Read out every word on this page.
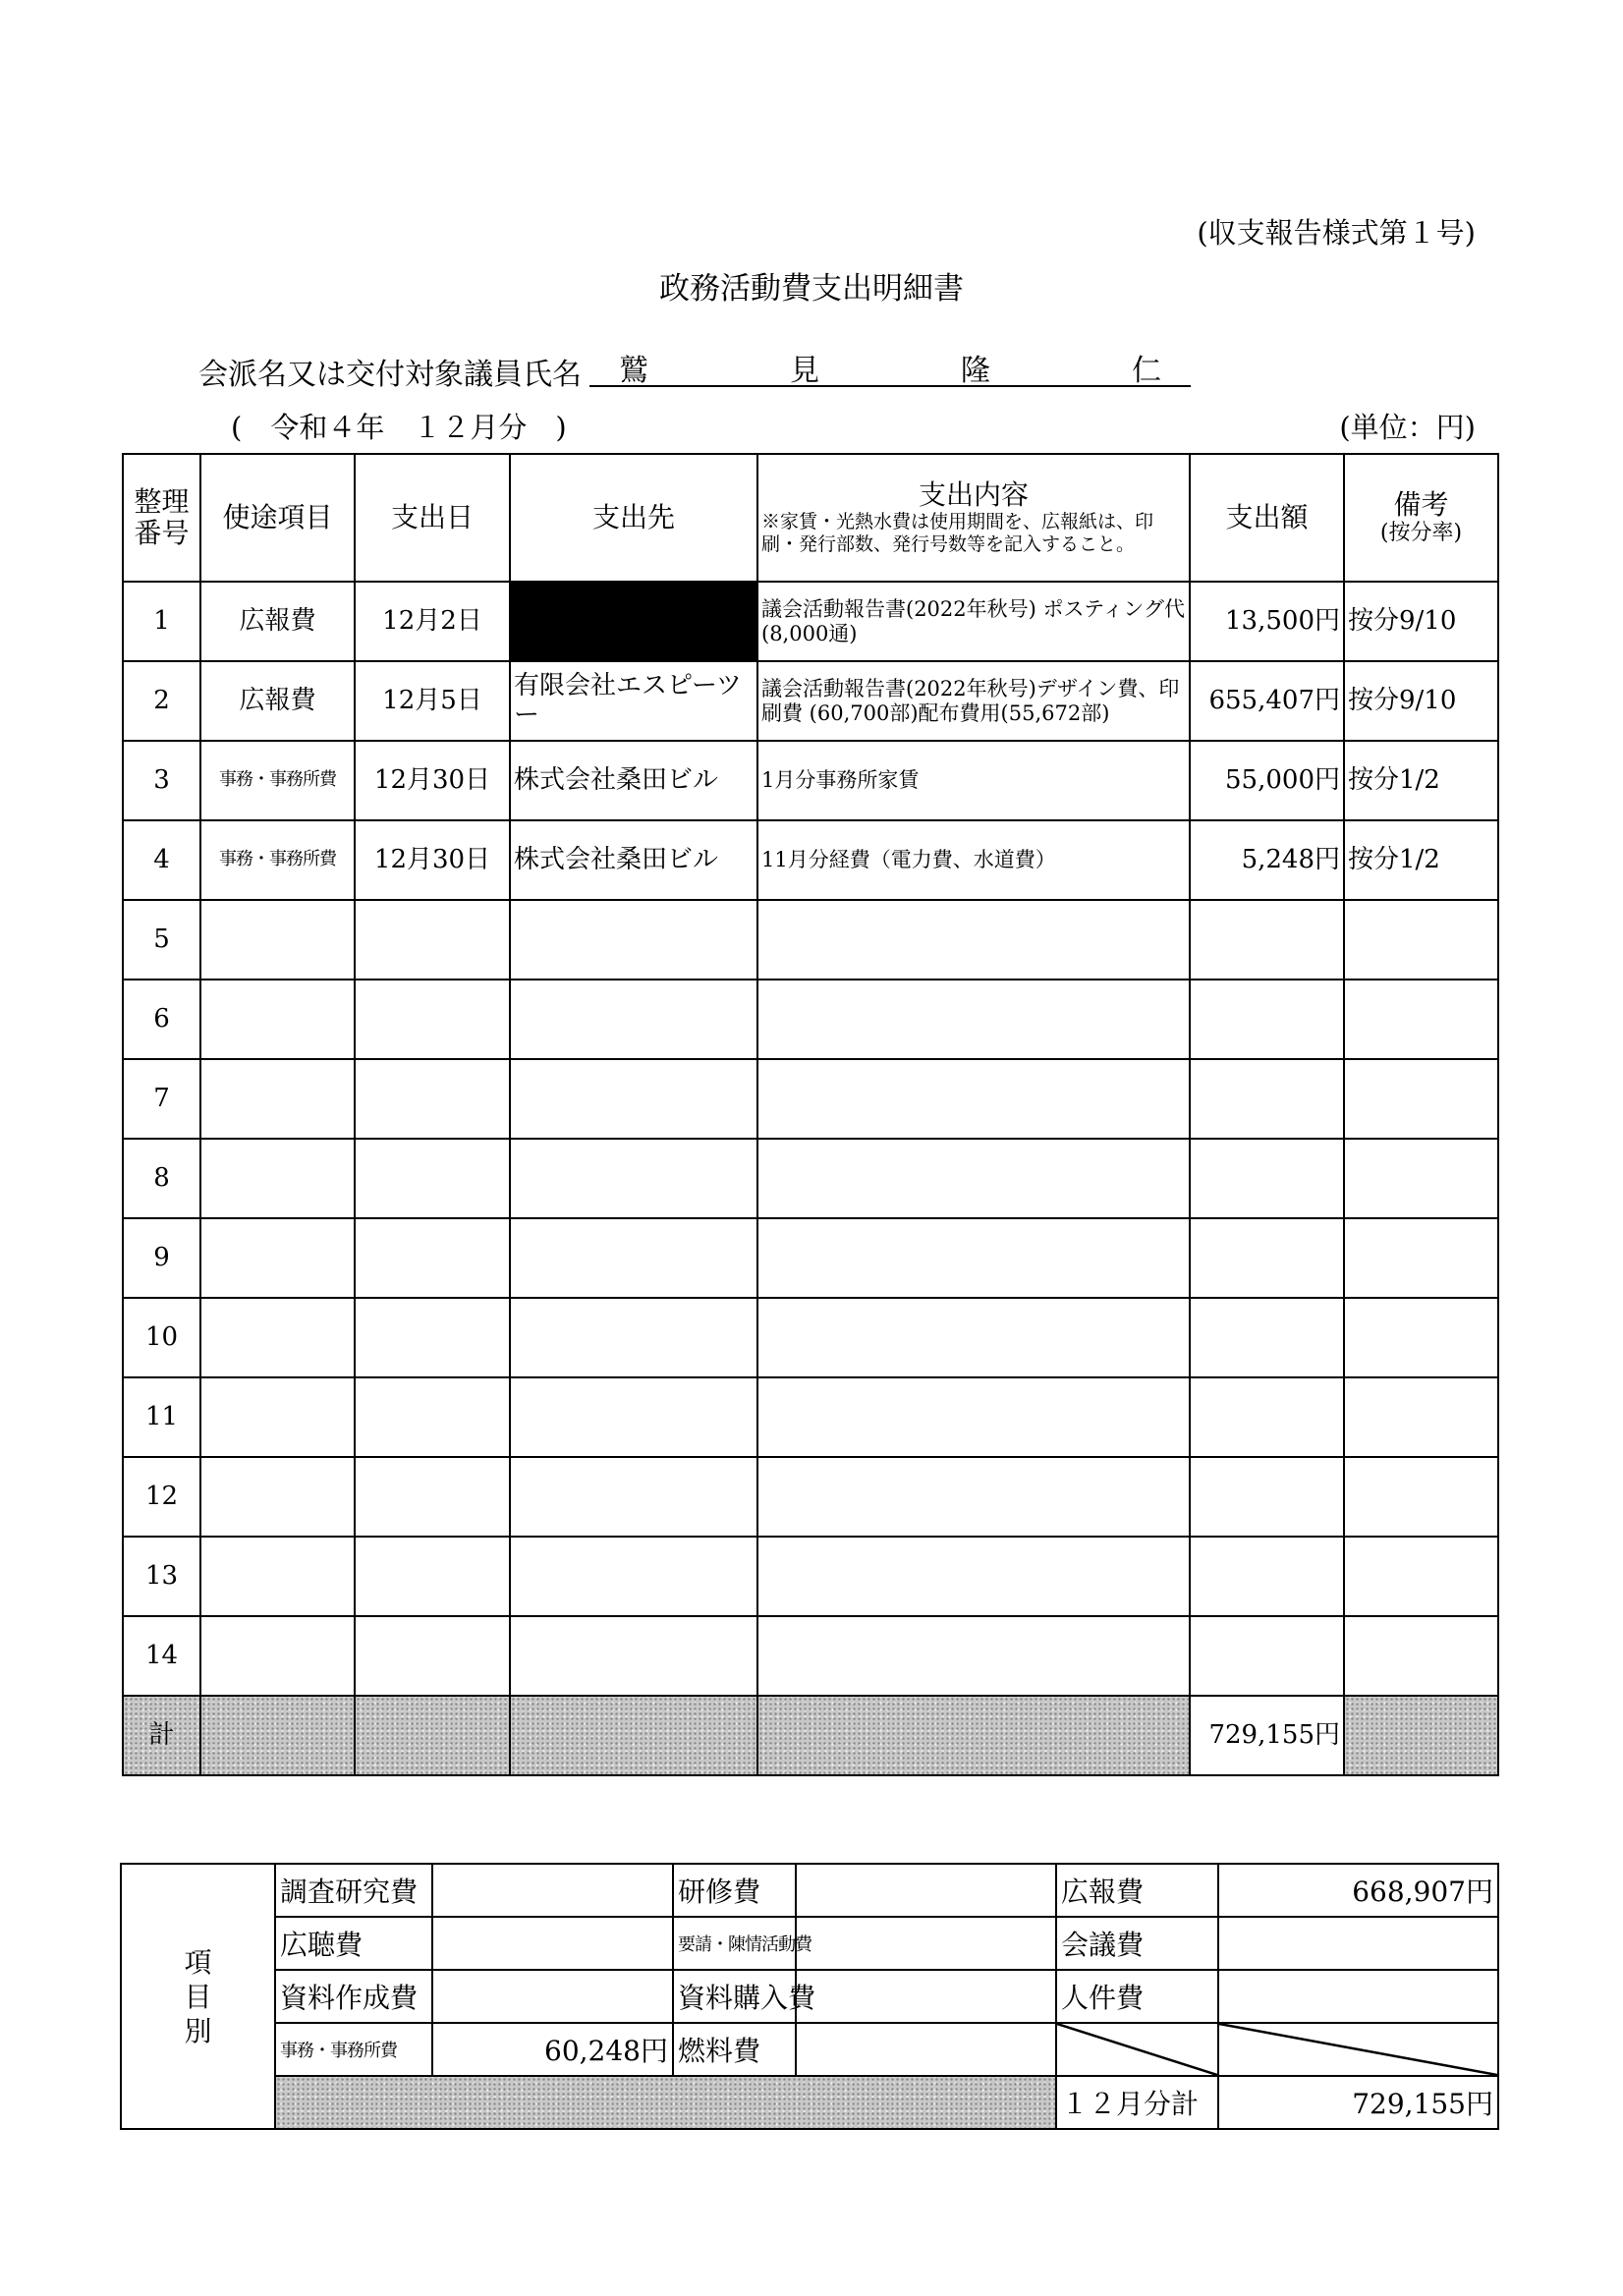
(収支報告様式第１号)
政務活動費支出明細書
会派名又は交付対象議員氏名 鷲	見	隆	仁
(　令和４年　１２月分　)	(単位：円)
整理番号	使途項目	支出日	支出先	支出内容
※家賃・光熱水費は使用期間を、広報紙は、印刷・発行部数、発行号数等を記入すること。	支出額	備考
(按分率)

1	広報費	12月2日		議会活動報告書(2022年秋号) ポスティング代 (8,000通)	13,500円	按分9/10
2	広報費	12月5日	有限会社エスピーツー	議会活動報告書(2022年秋号)デザイン費、印刷費 (60,700部)配布費用(55,672部)	655,407円	按分9/10
3	事務・事務所費	12月30日	株式会社桑田ビル	1月分事務所家賃	55,000円	按分1/2
4	事務・事務所費	12月30日	株式会社桑田ビル	11月分経費（電力費、水道費）	5,248円	按分1/2
5						
6						
7						
8						
9						
10						
11						
12						
13						
14						
計					729,155円	
項目別	調査研究費		研修費		広報費	668,907円
	広聴費		要請・陳情活動費		会議費	
	資料作成費		資料購入費		人件費	
	事務・事務所費	60,248円	燃料費			
					１２月分計	729,155円
